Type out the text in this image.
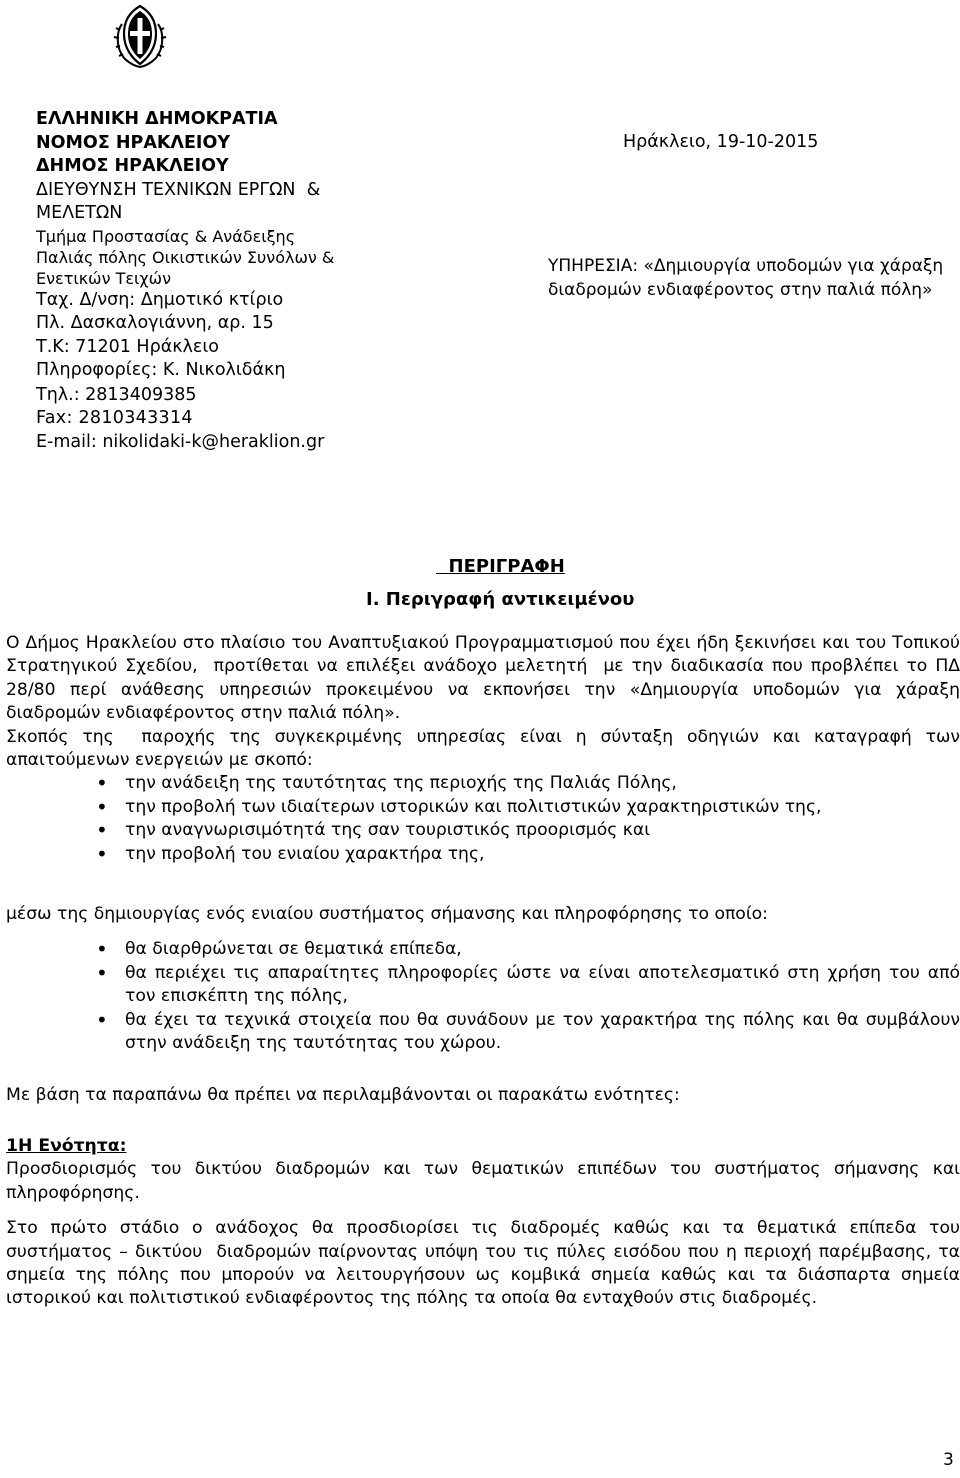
ΕΛΛΗΝΙΚΗ ΔΗΜΟΚΡΑΤΙΑ
ΝΟΜΟΣ ΗΡΑΚΛΕΙΟΥ
ΔΗΜΟΣ ΗΡΑΚΛΕΙΟΥ
ΔΙΕΥΘΥΝΣΗ ΤΕΧΝΙΚΩΝ ΕΡΓΩΝ  &
ΜΕΛΕΤΩΝ
Τμήμα Προστασίας & Ανάδειξης
Παλιάς πόλης Οικιστικών Συνόλων &
Ενετικών Τειχών
Ταχ. Δ/νση: Δημοτικό κτίριο
Πλ. Δασκαλογιάννη, αρ. 15
Τ.Κ: 71201 Ηράκλειο
Πληροφορίες: Κ. Νικολιδάκη
Τηλ.: 2813409385
Fax: 2810343314
E-mail: nikolidaki-k@heraklion.gr
Ηράκλειο, 19-10-2015
ΥΠΗΡΕΣΙΑ: «Δημιουργία υποδομών για χάραξη  διαδρομών ενδιαφέροντος στην παλιά πόλη»
ΠΕΡΙΓΡΑΦΗ
Ι. Περιγραφή αντικειμένου

Ο Δήμος Ηρακλείου στο πλαίσιο του Αναπτυξιακού Προγραμματισμού που έχει ήδη ξεκινήσει και του Τοπικού Στρατηγικού Σχεδίου,  προτίθεται να επιλέξει ανάδοχο μελετητή  με την διαδικασία που προβλέπει το ΠΔ 28/80 περί ανάθεσης υπηρεσιών προκειμένου να εκπονήσει την «Δημιουργία υποδομών για χάραξη  διαδρομών ενδιαφέροντος στην παλιά πόλη».

Σκοπός της  παροχής της συγκεκριμένης υπηρεσίας είναι η σύνταξη οδηγιών και καταγραφή των απαιτούμενων ενεργειών με σκοπό:

• την ανάδειξη της ταυτότητας της περιοχής της Παλιάς Πόλης,
• την προβολή των ιδιαίτερων ιστορικών και πολιτιστικών χαρακτηριστικών της,
• την αναγνωρισιμότητά της σαν τουριστικός προορισμός και
• την προβολή του ενιαίου χαρακτήρα της,

μέσω της δημιουργίας ενός ενιαίου συστήματος σήμανσης και πληροφόρησης το οποίο:

• θα διαρθρώνεται σε θεματικά επίπεδα,
• θα περιέχει τις απαραίτητες πληροφορίες ώστε να είναι αποτελεσματικό στη χρήση του από τον επισκέπτη της πόλης,
• θα έχει τα τεχνικά στοιχεία που θα συνάδουν με τον χαρακτήρα της πόλης και θα συμβάλουν στην ανάδειξη της ταυτότητας του χώρου.

Με βάση τα παραπάνω θα πρέπει να περιλαμβάνονται οι παρακάτω ενότητες:

1Η Ενότητα:

Προσδιορισμός του δικτύου διαδρομών και των θεματικών επιπέδων του συστήματος σήμανσης και πληροφόρησης.

Στο πρώτο στάδιο ο ανάδοχος θα προσδιορίσει τις διαδρομές καθώς και τα θεματικά επίπεδα του συστήματος – δικτύου  διαδρομών παίρνοντας υπόψη του τις πύλες εισόδου που η περιοχή παρέμβασης, τα σημεία της πόλης που μπορούν να λειτουργήσουν ως κομβικά σημεία καθώς και τα διάσπαρτα σημεία ιστορικού και πολιτιστικού ενδιαφέροντος της πόλης τα οποία θα ενταχθούν στις διαδρομές.

3
